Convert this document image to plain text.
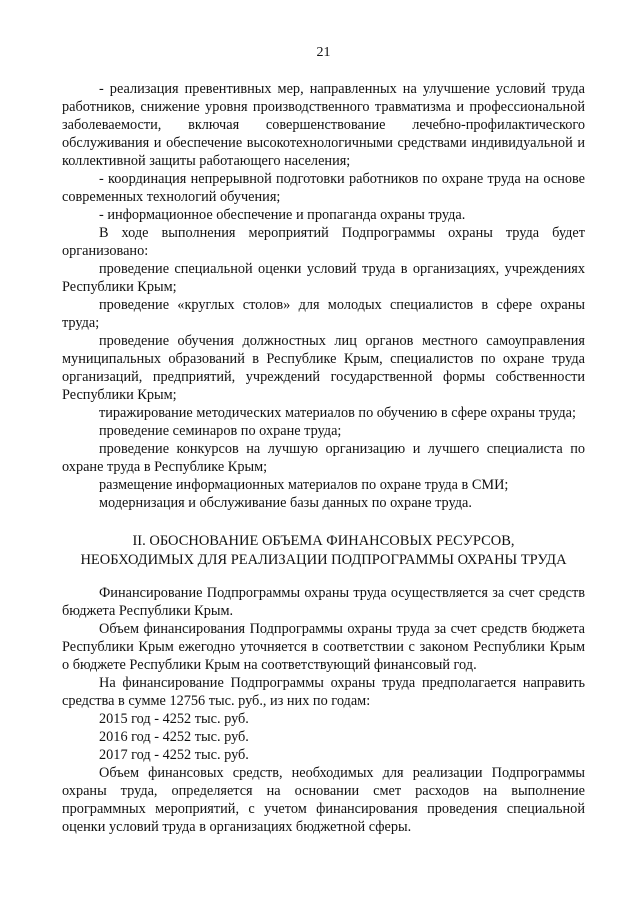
21

- реализация превентивных мер, направленных на улучшение условий труда работников, снижение уровня производственного травматизма и профессиональной заболеваемости, включая совершенствование лечебно-профилактического обслуживания и обеспечение высокотехнологичными средствами индивидуальной и коллективной защиты работающего населения;

- координация непрерывной подготовки работников по охране труда на основе современных технологий обучения;

- информационное обеспечение и пропаганда охраны труда.

В ходе выполнения мероприятий Подпрограммы охраны труда будет организовано:

проведение специальной оценки условий труда в организациях, учреждениях Республики Крым;

проведение «круглых столов» для молодых специалистов в сфере охраны труда;

проведение обучения должностных лиц органов местного самоуправления муниципальных образований в Республике Крым, специалистов по охране труда организаций, предприятий, учреждений государственной формы собственности Республики Крым;

тиражирование методических материалов по обучению в сфере охраны труда;

проведение семинаров по охране труда;

проведение конкурсов на лучшую организацию и лучшего специалиста по охране труда в Республике Крым;

размещение информационных материалов по охране труда в СМИ;

модернизация и обслуживание базы данных по охране труда.

II. ОБОСНОВАНИЕ ОБЪЕМА ФИНАНСОВЫХ РЕСУРСОВ,
НЕОБХОДИМЫХ ДЛЯ РЕАЛИЗАЦИИ ПОДПРОГРАММЫ ОХРАНЫ ТРУДА

Финансирование Подпрограммы охраны труда осуществляется за счет средств бюджета Республики Крым.

Объем финансирования Подпрограммы охраны труда за счет средств бюджета Республики Крым ежегодно уточняется в соответствии с законом Республики Крым о бюджете Республики Крым на соответствующий финансовый год.

На финансирование Подпрограммы охраны труда предполагается направить средства в сумме 12756 тыс. руб., из них по годам:

2015 год - 4252 тыс. руб.

2016 год - 4252 тыс. руб.

2017 год - 4252 тыс. руб.

Объем финансовых средств, необходимых для реализации Подпрограммы охраны труда, определяется на основании смет расходов на выполнение программных мероприятий, с учетом финансирования проведения специальной оценки условий труда в организациях бюджетной сферы.
